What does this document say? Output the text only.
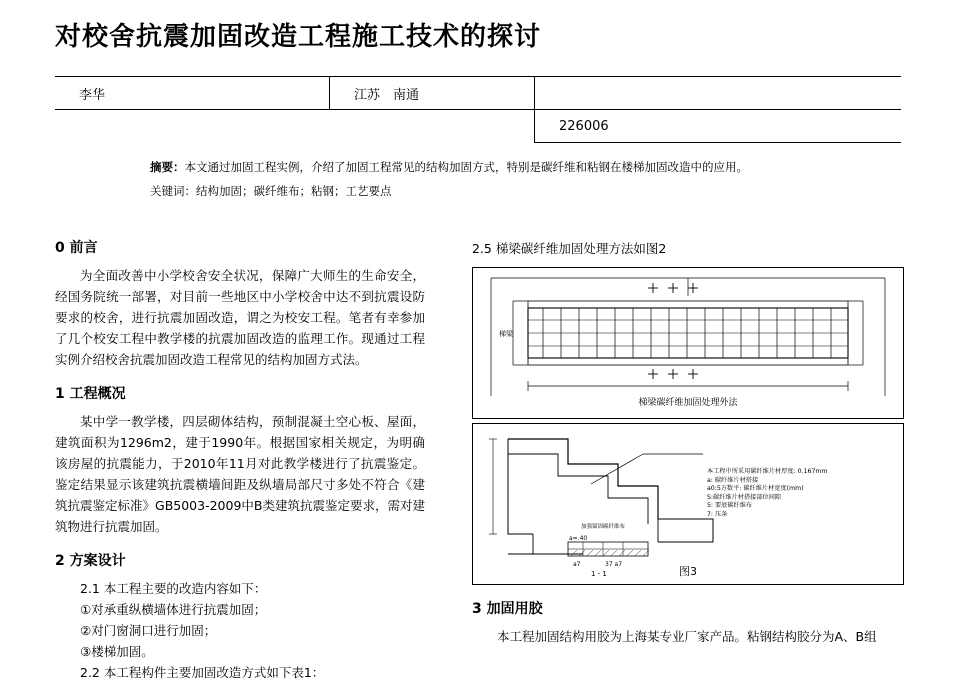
对校舍抗震加固改造工程施工技术的探讨
李华	江苏　南通	
		226006
摘要：本文通过加固工程实例，介绍了加固工程常见的结构加固方式，特别是碳纤维和粘钢在楼梯加固改造中的应用。
关键词：结构加固；碳纤维布；粘钢；工艺要点
0 前言

为全面改善中小学校舍安全状况，保障广大师生的生命安全，经国务院统一部署，对目前一些地区中小学校舍中达不到抗震设防要求的校舍，进行抗震加固改造，谓之为校安工程。笔者有幸参加了几个校安工程中教学楼的抗震加固改造的监理工作。现通过工程实例介绍校舍抗震加固改造工程常见的结构加固方式法。

1 工程概况

某中学一教学楼，四层砌体结构，预制混凝土空心板、屋面，建筑面积为1296m2，建于1990年。根据国家相关规定，为明确该房屋的抗震能力，于2010年11月对此教学楼进行了抗震鉴定。鉴定结果显示该建筑抗震横墙间距及纵墙局部尺寸多处不符合《建筑抗震鉴定标准》GB5003-2009中B类建筑抗震鉴定要求，需对建筑物进行抗震加固。

2 方案设计

2.1 本工程主要的改造内容如下：

①对承重纵横墙体进行抗震加固；

②对门窗洞口进行加固；

③楼梯加固。

2.2 本工程构件主要加固改造方式如下表1：

2.5 梯梁碳纤维加固处理方法如图2
梯梁
梯梁碳纤维加固处理外法
a=.40
a7	37 a7
1 - 1
加强锚固碳纤维布
本工程中所采用碳纤维片材厚度: 0.167mm
a: 碳纤维片材搭接
a0:5方数平: 碳纤维片材宽度(mm)
S:碳纤维片材搭接部位间隙
5: 要底碳纤维布
7: 压条
图3
3 加固用胶

本工程加固结构用胶为上海某专业厂家产品。粘钢结构胶分为A、B组
